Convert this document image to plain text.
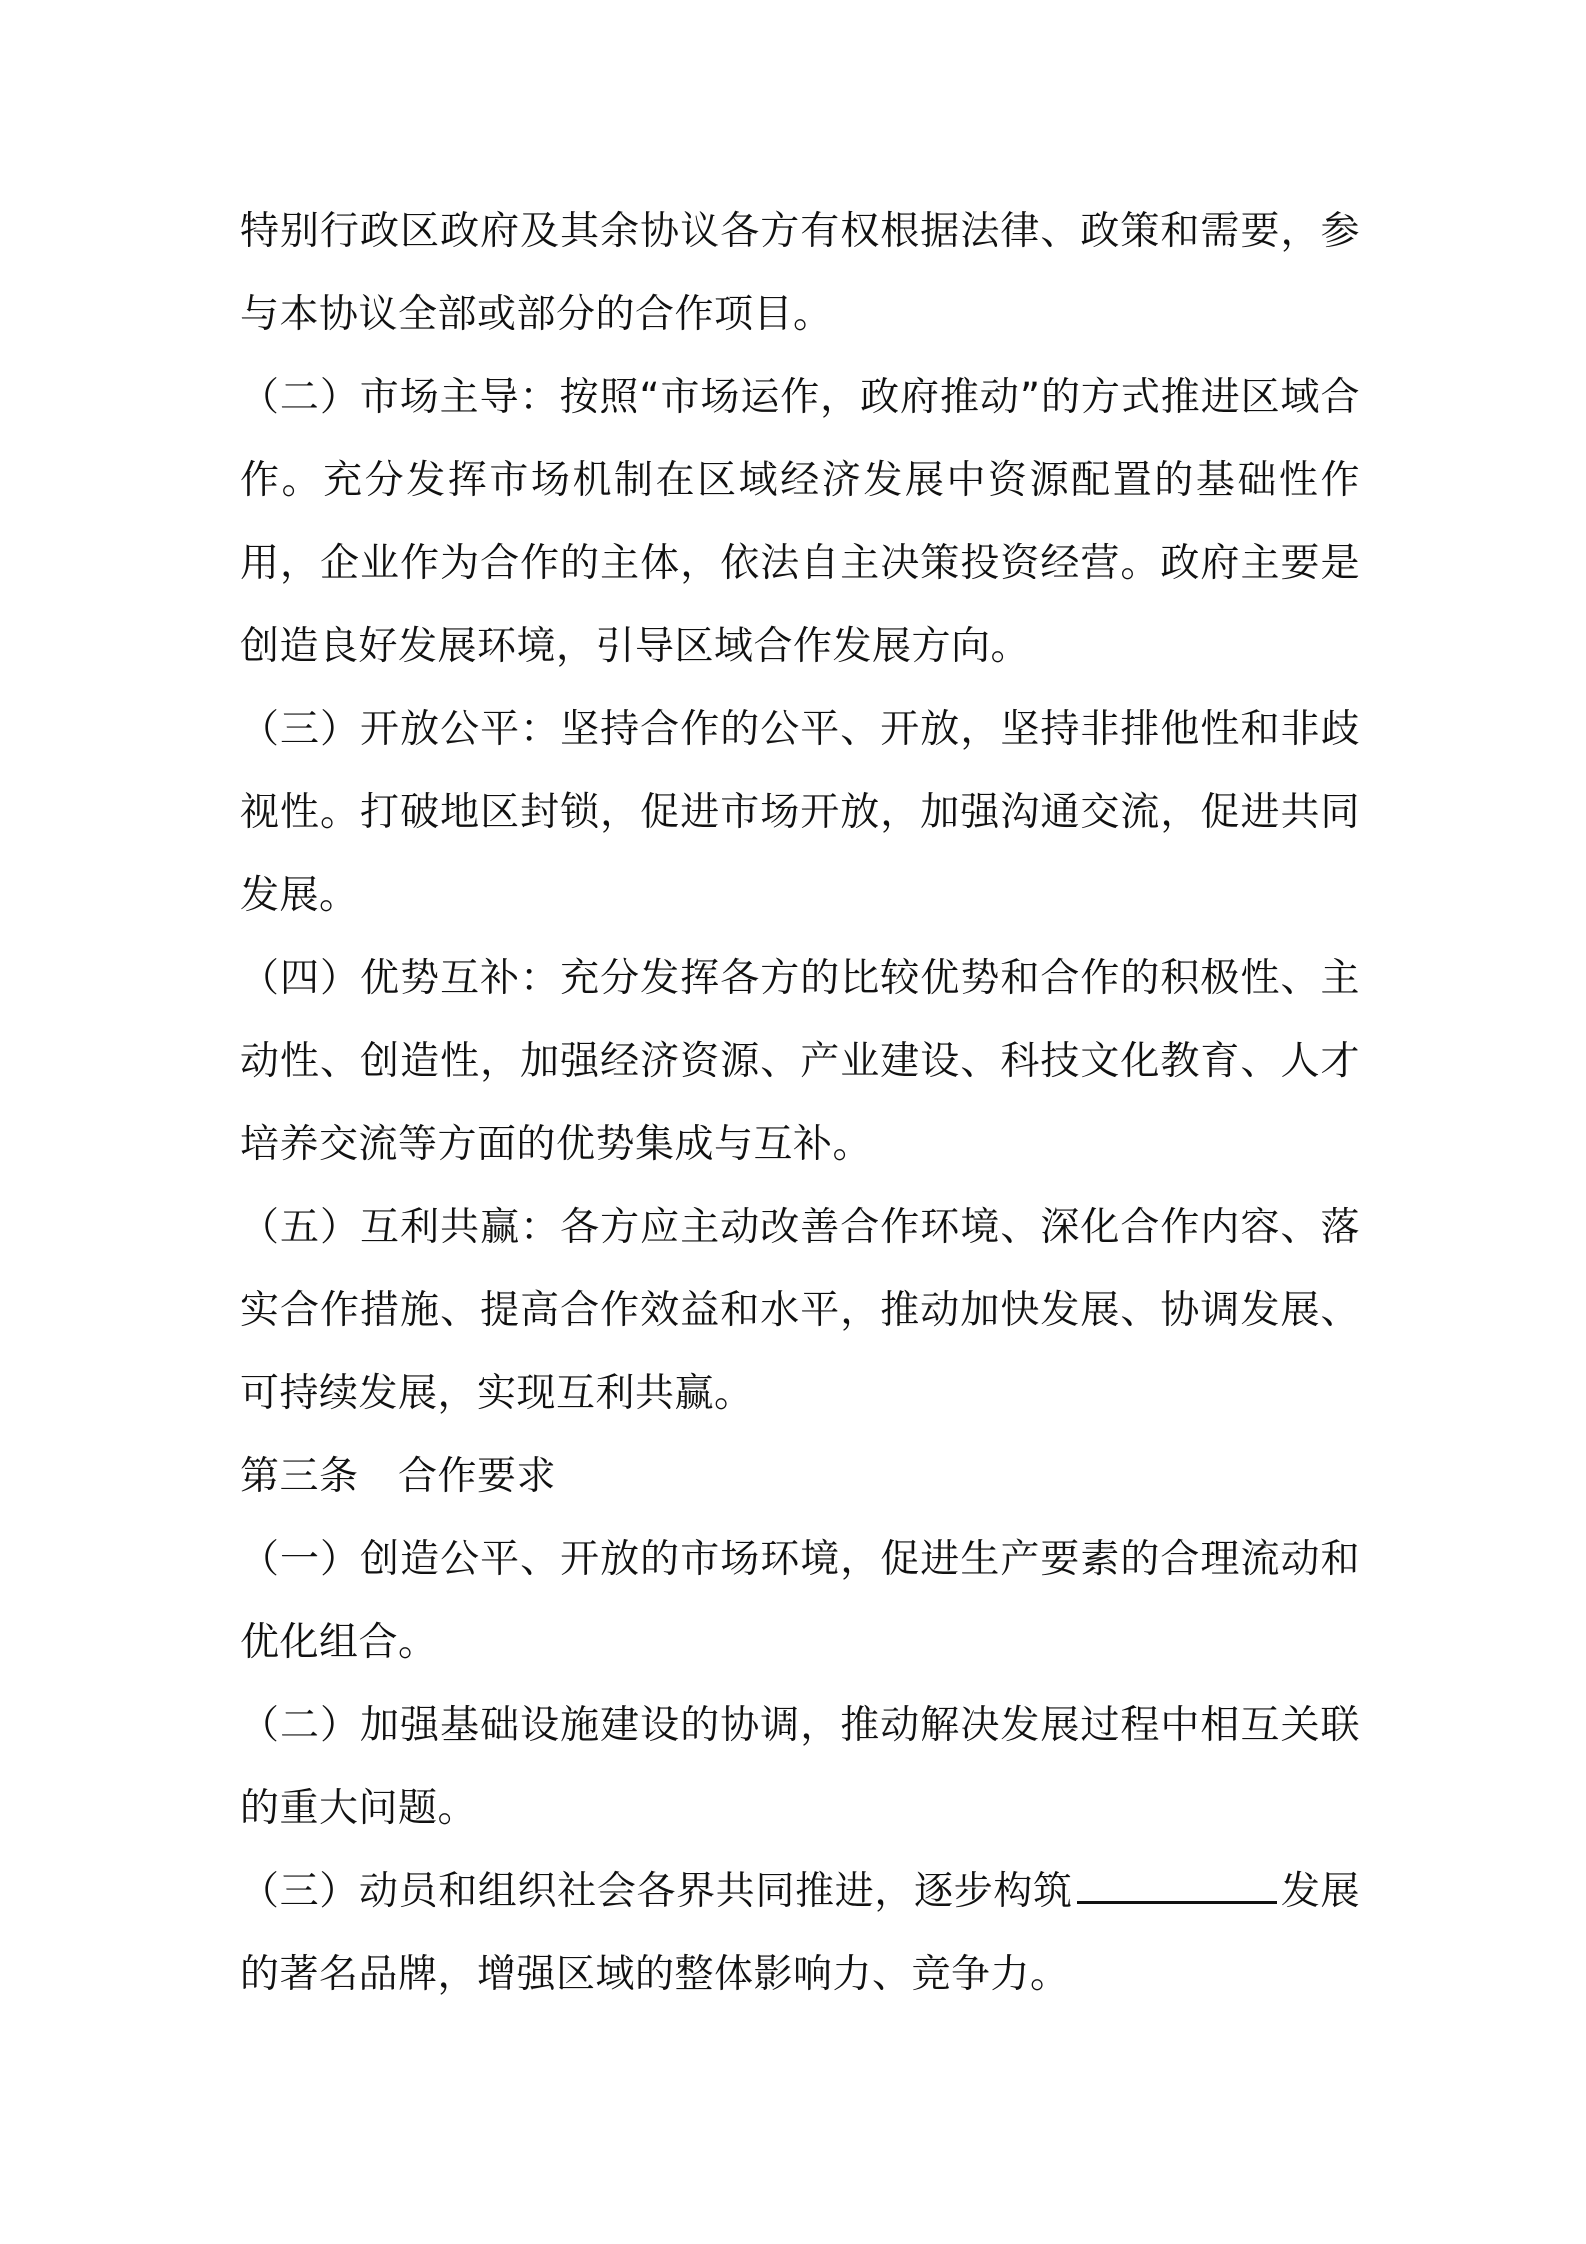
特别行政区政府及其余协议各方有权根据法律、政策和需要，参与本协议全部或部分的合作项目。

（二）市场主导：按照“市场运作，政府推动”的方式推进区域合作。充分发挥市场机制在区域经济发展中资源配置的基础性作用，企业作为合作的主体，依法自主决策投资经营。政府主要是创造良好发展环境，引导区域合作发展方向。

（三）开放公平：坚持合作的公平、开放，坚持非排他性和非歧视性。打破地区封锁，促进市场开放，加强沟通交流，促进共同发展。

（四）优势互补：充分发挥各方的比较优势和合作的积极性、主动性、创造性，加强经济资源、产业建设、科技文化教育、人才培养交流等方面的优势集成与互补。

（五）互利共赢：各方应主动改善合作环境、深化合作内容、落实合作措施、提高合作效益和水平，推动加快发展、协调发展、可持续发展，实现互利共赢。

第三条　合作要求

（一）创造公平、开放的市场环境，促进生产要素的合理流动和优化组合。

（二）加强基础设施建设的协调，推动解决发展过程中相互关联的重大问题。

（三）动员和组织社会各界共同推进，逐步构筑	发展的著名品牌，增强区域的整体影响力、竞争力。
